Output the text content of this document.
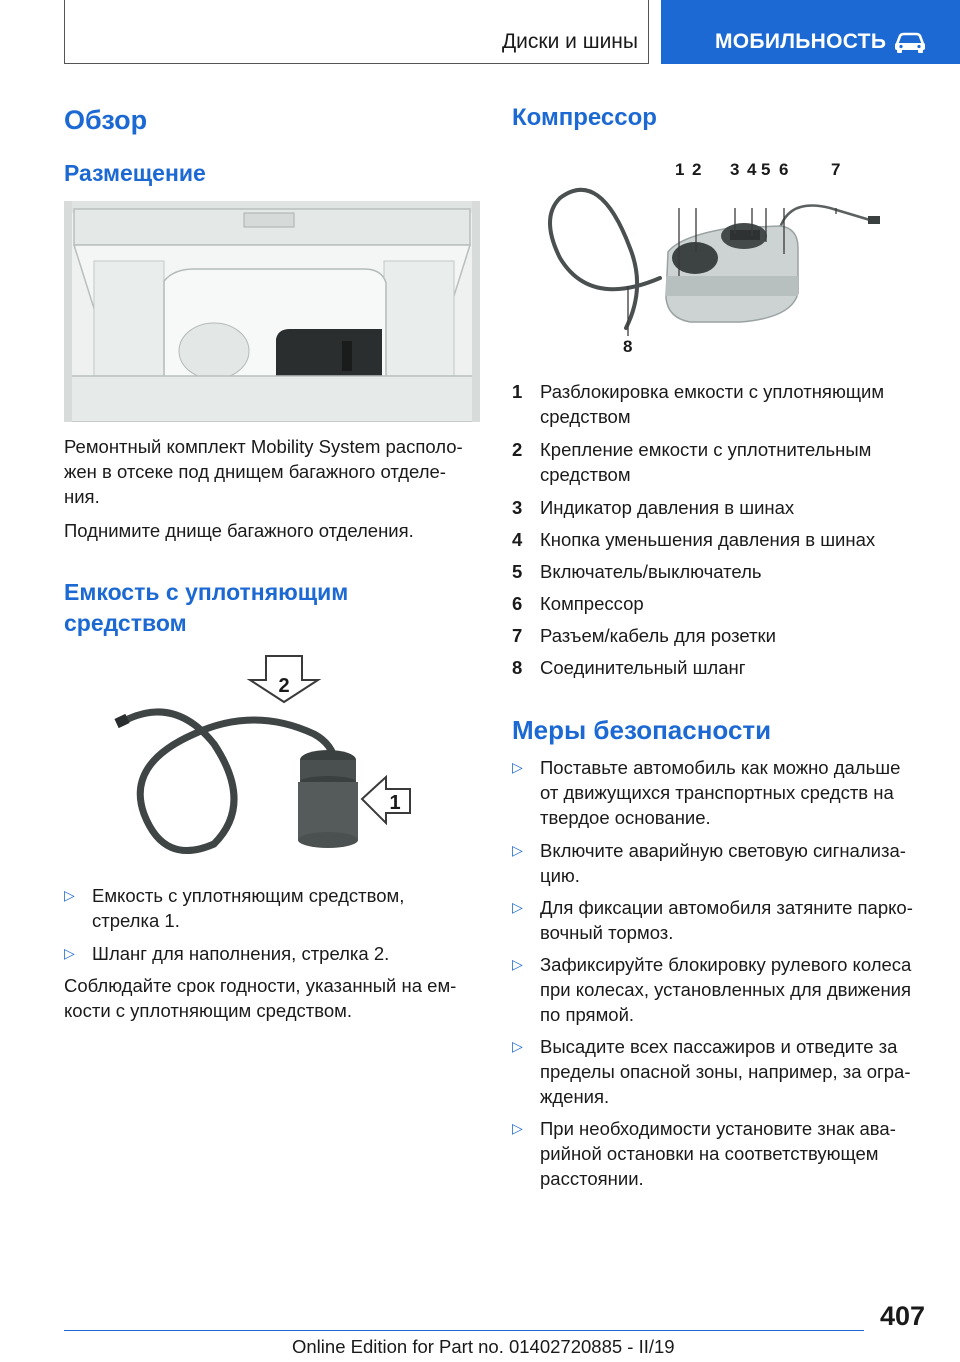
Диски и шины	МОБИЛЬНОСТЬ
Обзор
Размещение
Ремонтный комплект Mobility System располо‐
жен в отсеке под днищем багажного отделе‐
ния.
Поднимите днище багажного отделения.
Емкость с уплотняющим
средством
2
1
▷ Емкость с уплотняющим средством,
стрелка 1.
▷ Шланг для наполнения, стрелка 2.
Соблюдайте срок годности, указанный на ем‐
кости с уплотняющим средством.
Компрессор
1 2 3 4 5 6	7
8
1 Разблокировка емкости с уплотняющим
средством
2 Крепление емкости с уплотнительным
средством
3 Индикатор давления в шинах
4 Кнопка уменьшения давления в шинах
5 Включатель/выключатель
6 Компрессор
7 Разъем/кабель для розетки
8 Соединительный шланг
Меры безопасности
▷ Поставьте автомобиль как можно дальше
от движущихся транспортных средств на
твердое основание.
▷ Включите аварийную световую сигнализа‐
цию.
▷ Для фиксации автомобиля затяните парко‐
вочный тормоз.
▷ Зафиксируйте блокировку рулевого колеса
при колесах, установленных для движения
по прямой.
▷ Высадите всех пассажиров и отведите за
пределы опасной зоны, например, за огра‐
ждения.
▷ При необходимости установите знак ава‐
рийной остановки на соответствующем
расстоянии.
407
Online Edition for Part no. 01402720885 - II/19
